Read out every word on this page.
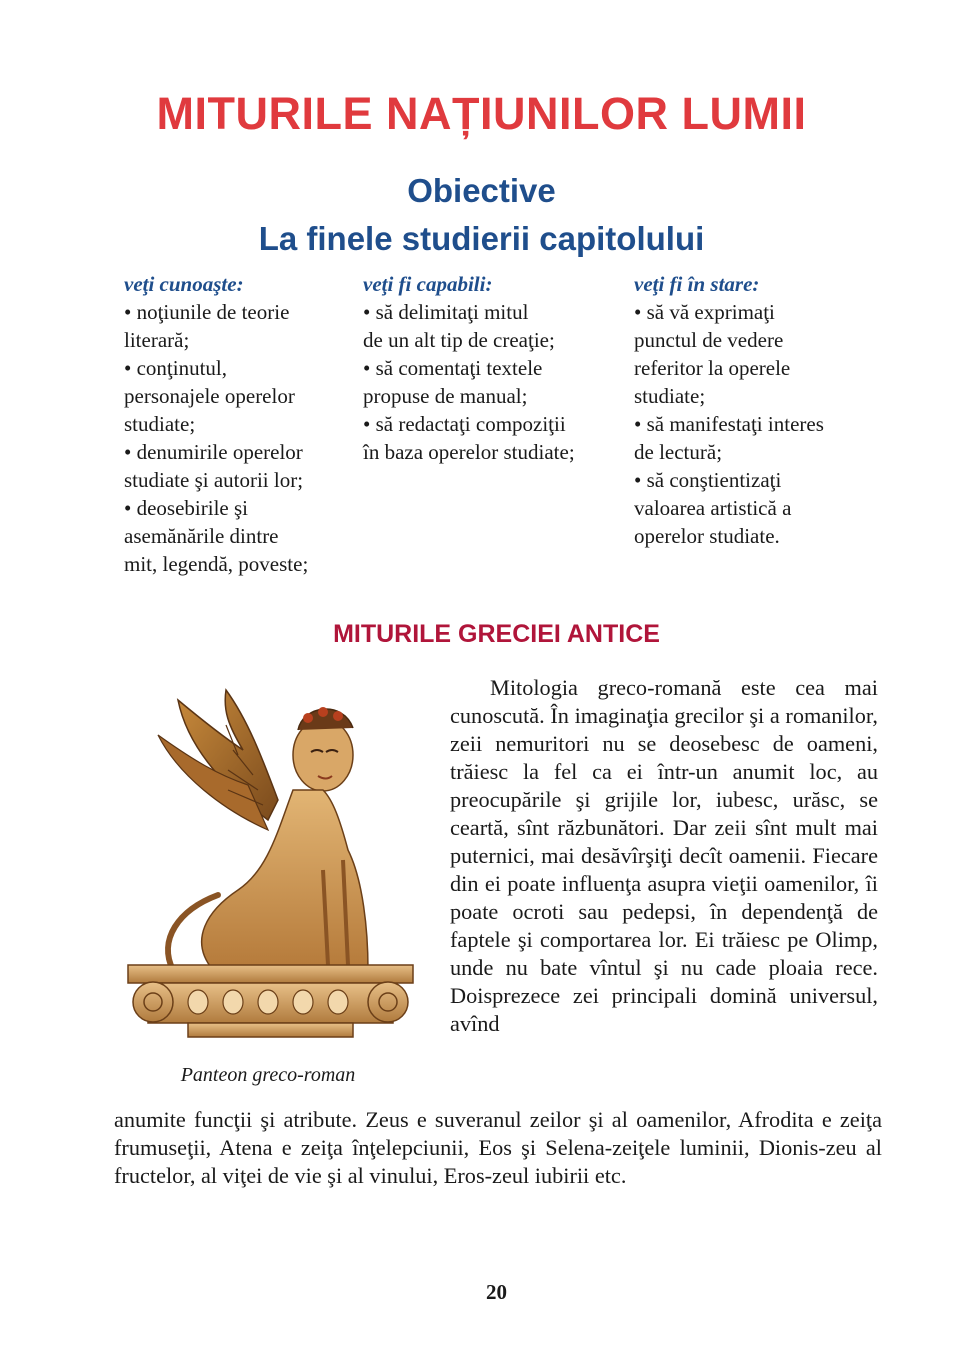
MITURILE NAȚIUNILOR LUMII
Obiective
La finele studierii capitolului
veţi cunoaşte:
• noţiunile de teorie
literară;
• conţinutul,
personajele operelor
studiate;
• denumirile operelor
studiate şi autorii lor;
• deosebirile şi
asemănările dintre
mit, legendă, poveste;
veţi fi capabili:
• să delimitaţi mitul
de un alt tip de creaţie;
• să comentaţi textele
propuse de manual;
• să redactaţi compoziţii
în baza operelor studiate;
veţi fi în stare:
• să vă exprimaţi
punctul de vedere
referitor la operele
studiate;
• să manifestaţi interes
de lectură;
• să conştientizaţi
valoarea artistică a
operelor studiate.
MITURILE GRECIEI ANTICE
Panteon greco-roman

Mitologia greco-romană este cea mai cunoscută. În imaginaţia grecilor şi a romanilor, zeii nemuritori nu se deosebesc de oameni, trăiesc la fel ca ei într-un anumit loc, au preocupările şi grijile lor, iubesc, urăsc, se ceartă, sînt răzbunători. Dar zeii sînt mult mai puternici, mai desăvîrşiţi decît oamenii. Fiecare din ei poate influenţa asupra vieţii oamenilor, îi poate ocroti sau pedepsi, în dependenţă de faptele şi comportarea lor. Ei trăiesc pe Olimp, unde nu bate vîntul şi nu cade ploaia rece. Doisprezece zei principali domină universul, avînd

anumite funcţii şi atribute. Zeus e suveranul zeilor şi al oamenilor, Afrodita e zeiţa frumuseţii, Atena e zeiţa înţelepciunii, Eos şi Selena-zeiţele luminii, Dionis-zeu al fructelor, al viţei de vie şi al vinului, Eros-zeul iubirii etc.

20
